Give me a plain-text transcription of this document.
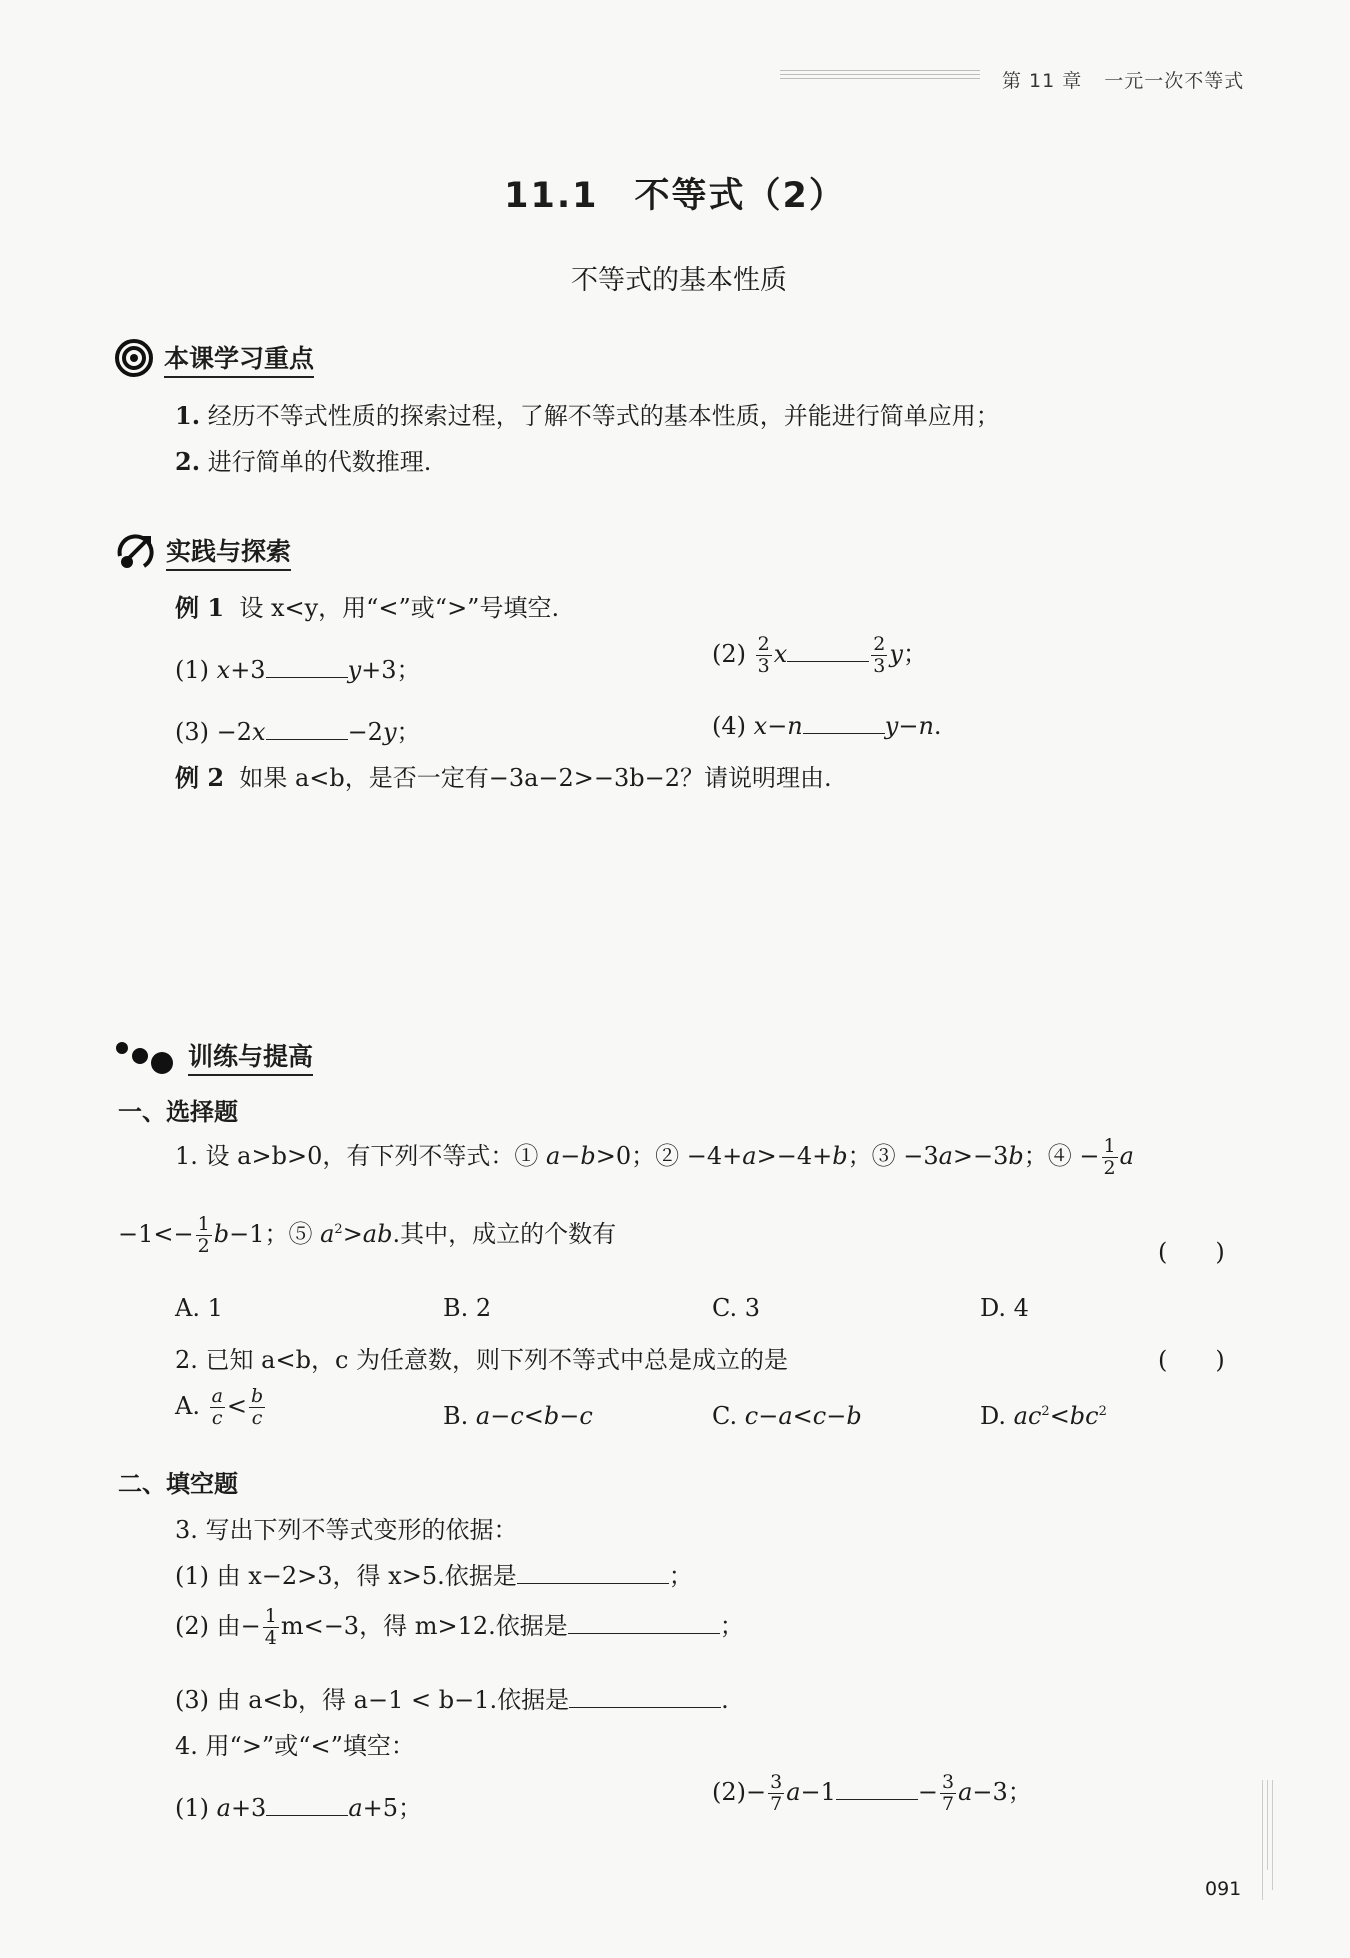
第 11 章 一元一次不等式
11.1 不等式（2）
不等式的基本性质
本课学习重点
1. 经历不等式性质的探索过程，了解不等式的基本性质，并能进行简单应用；
2. 进行简单的代数推理.
实践与探索
例 1 设 x<y，用“<”或“>”号填空.
(1) x+3	y+3；
$(2) \frac{2}{3}$ x	$\frac{2}{3}$ y；
(3) −2x	−2y；	(4) x−n	y−n.
例 2 如果 a<b，是否一定有−3a−2>−3b−2？请说明理由.
训练与提高
一、选择题
1. 设 a>b>0，有下列不等式：① a−b>0；② −4+a>−4+b；③ −3a>−3b；④ − $\frac{1}{2}$ a
$-1<- \frac{1}{2} b-1$；⑤ $a^2>ab$.其中，成立的个数有
(　　)
A. 1	B. 2	C. 3	D. 4
2. 已知 a<b，c 为任意数，则下列不等式中总是成立的是	(　　)
A. $\frac{a}{c} < \frac{b}{c}$	B. a−c<b−c	C. c−a<c−b	D. $ac^2<bc^2$
二、填空题
3. 写出下列不等式变形的依据：
(1) 由 x−2>3，得 x>5.依据是	；
(2) 由− $\frac{1}{4} m<-3$，得 m>12.依据是	；
(3) 由 a<b，得 a−1 < b−1.依据是	.
4. 用“>”或“<”填空：
(1) a+3	a+5；
$(2)- \frac{3}{7} a-1$	− $\frac{3}{7} a-3$；
091
